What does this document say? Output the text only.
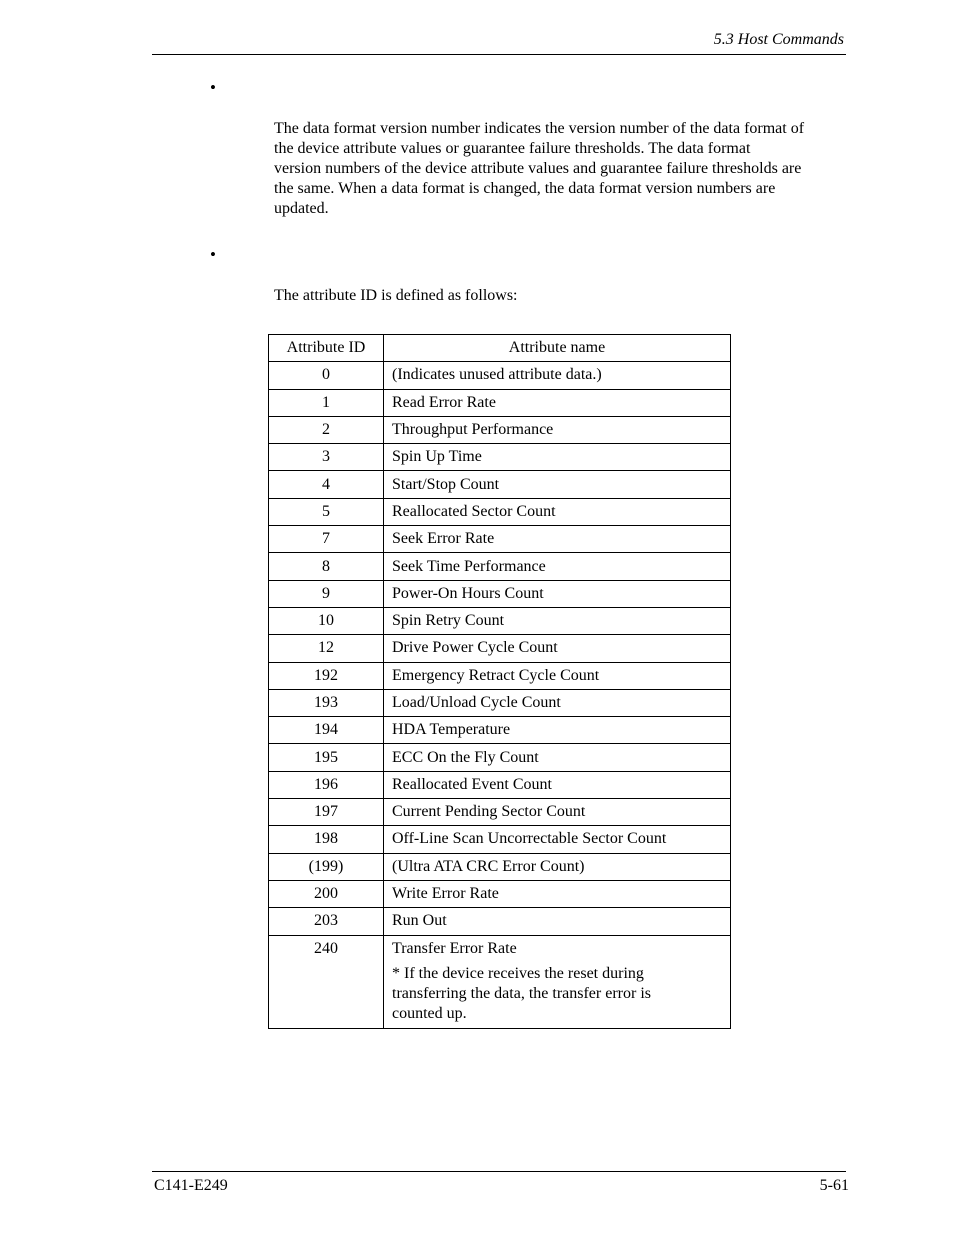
5.3 Host Commands
•
The data format version number indicates the version number of the data format of
the device attribute values or guarantee failure thresholds. The data format
version numbers of the device attribute values and guarantee failure thresholds are
the same. When a data format is changed, the data format version numbers are
updated.
•
The attribute ID is defined as follows:
Attribute ID	Attribute name
0	(Indicates unused attribute data.)
1	Read Error Rate
2	Throughput Performance
3	Spin Up Time
4	Start/Stop Count
5	Reallocated Sector Count
7	Seek Error Rate
8	Seek Time Performance
9	Power-On Hours Count
10	Spin Retry Count
12	Drive Power Cycle Count
192	Emergency Retract Cycle Count
193	Load/Unload Cycle Count
194	HDA Temperature
195	ECC On the Fly Count
196	Reallocated Event Count
197	Current Pending Sector Count
198	Off-Line Scan Uncorrectable Sector Count
(199)	(Ultra ATA CRC Error Count)
200	Write Error Rate
203	Run Out
240	Transfer Error Rate
* If the device receives the reset during
transferring the data, the transfer error is
counted up.
C141-E249	5-61
